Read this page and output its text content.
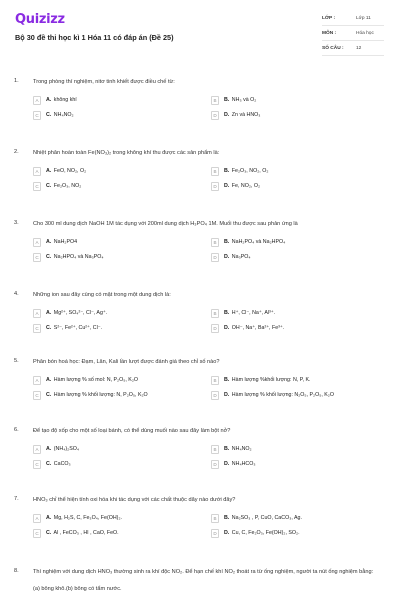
Quizizz
Bộ 30 đề thi học kì 1 Hóa 11 có đáp án (Đề 25)
LỚP :	Lớp 11
MÔN :	Hóa học
SỐ CÂU :	12
1.	Trong phòng thí nghiệm, nitơ tinh khiết được điều chế từ:
A	A. không khí	B	B. NH₃ và O₂
C	C. NH₄NO₂	D	D. Zn và HNO₃
2.	Nhiệt phân hoàn toàn Fe(NO₃)₂ trong không khí thu được các sản phẩm là:
A	A. FeO, NO₂, O₂	B	B. Fe₂O₃, NO₂, O₂
C	C. Fe₂O₃, NO₂	D	D. Fe, NO₂, O₂
3.	Cho 300 ml dung dịch NaOH 1M tác dụng với 200ml dung dịch H₃PO₄ 1M. Muối thu được sau phản ứng là
A	A. NaH₂PO4	B	B. NaH₂PO₄ và Na₂HPO₄
C	C. Na₂HPO₄ và Na₃PO₄	D	D. Na₃PO₄
4.	Những ion sau đây cùng có mặt trong một dung dịch là:
A	A. Mg²⁺, SO₄²⁻, Cl⁻, Ag⁺.	B	B. H⁺, Cl⁻, Na⁺, Al³⁺.
C	C. S²⁻, Fe²⁺, Cu²⁺, Cl⁻.	D	D. OH⁻, Na⁺, Ba²⁺, Fe³⁺.
5.	Phân bón hoá học: Đạm, Lân, Kali lần lượt được đánh giá theo chỉ số nào?
A	A. Hàm lượng % số mol: N, P₂O₅, K₂O	B	B. Hàm lượng %khối lượng: N, P, K.
C	C. Hàm lượng % khối lượng: N, P₂O₅, K₂O	D	D. Hàm lượng % khối lượng: N₂O₅, P₂O₅, K₂O
6.	Để tạo độ xốp cho một số loại bánh, có thể dùng muối nào sau đây làm bột nở?
A	A. (NH₄)₂SO₄	B	B. NH₄NO₂
C	C. CaCO₃	D	D. NH₄HCO₃
7.	HNO₃ chỉ thể hiện tính oxi hóa khi tác dụng với các chất thuộc dãy nào dưới đây?
A	A. Mg, H₂S, C, Fe₃O₄, Fe(OH)₂.	B	B. Na₂SO₃ , P, CuO, CaCO₃, Ag.
C	C. Al , FeCO₃ , HI , CaO, FeO.	D	D. Cu, C, Fe₂O₃, Fe(OH)₂, SO₂.
8.	Thí nghiệm với dung dịch HNO₃ thường sinh ra khí độc NO₂. Để hạn chế khí NO₂ thoát ra từ ống nghiệm, người ta nút ống nghiệm bằng:
(a) bông khô.(b) bông có tẩm nước.
